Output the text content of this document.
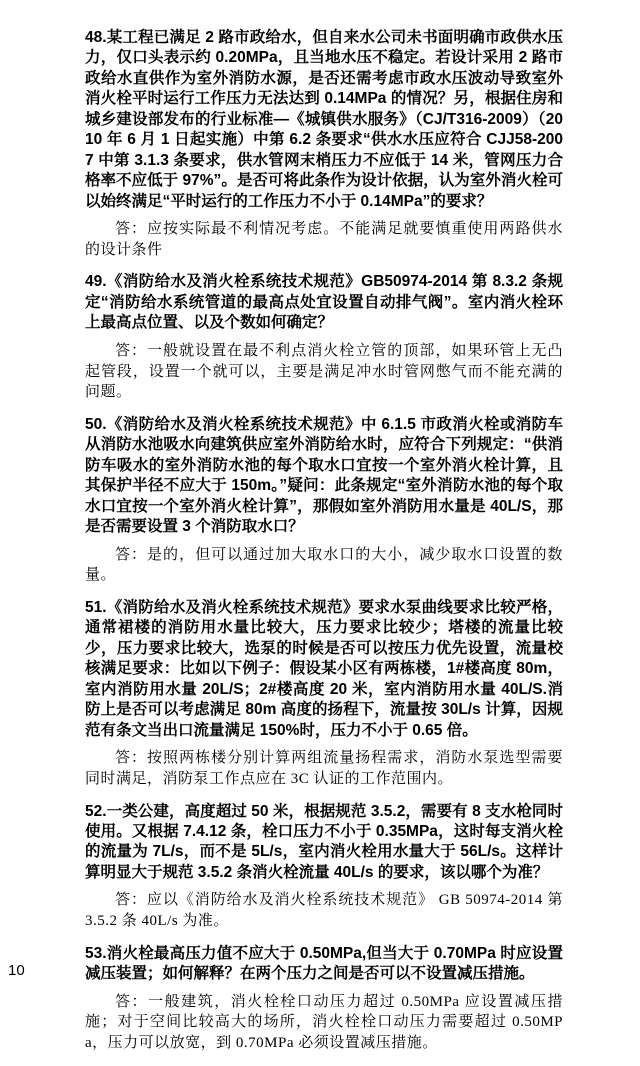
48.某工程已满足 2 路市政给水，但自来水公司未书面明确市政供水压力，仅口头表示约 0.20MPa，且当地水压不稳定。若设计采用 2 路市政给水直供作为室外消防水源，是否还需考虑市政水压波动导致室外消火栓平时运行工作压力无法达到 0.14MPa 的情况？另，根据住房和城乡建设部发布的行业标准—《城镇供水服务》（CJ/T316-2009）（2010 年 6 月 1 日起实施）中第 6.2 条要求“供水水压应符合 CJJ58-2007 中第 3.1.3 条要求，供水管网末梢压力不应低于 14 米，管网压力合格率不应低于 97%”。是否可将此条作为设计依据，认为室外消火栓可以始终满足“平时运行的工作压力不小于 0.14MPa”的要求？

答：应按实际最不利情况考虑。不能满足就要慎重使用两路供水的设计条件

49.《消防给水及消火栓系统技术规范》GB50974-2014 第 8.3.2 条规定“消防给水系统管道的最高点处宜设置自动排气阀”。室内消火栓环上最高点位置、以及个数如何确定？

答：一般就设置在最不利点消火栓立管的顶部，如果环管上无凸起管段，设置一个就可以，主要是满足冲水时管网憋气而不能充满的问题。

50.《消防给水及消火栓系统技术规范》中 6.1.5 市政消火栓或消防车从消防水池吸水向建筑供应室外消防给水时，应符合下列规定：“供消防车吸水的室外消防水池的每个取水口宜按一个室外消火栓计算，且其保护半径不应大于 150m。”疑问：此条规定“室外消防水池的每个取水口宜按一个室外消火栓计算”，那假如室外消防用水量是 40L/S，那是否需要设置 3 个消防取水口？

答：是的，但可以通过加大取水口的大小，减少取水口设置的数量。

51.《消防给水及消火栓系统技术规范》要求水泵曲线要求比较严格，通常裙楼的消防用水量比较大，压力要求比较少；塔楼的流量比较少，压力要求比较大，选泵的时候是否可以按压力优先设置，流量校核满足要求：比如以下例子：假设某小区有两栋楼，1#楼高度 80m，室内消防用水量 20L/S；2#楼高度 20 米，室内消防用水量 40L/S.消防上是否可以考虑满足 80m 高度的扬程下，流量按 30L/s 计算，因规范有条文当出口流量满足 150%时，压力不小于 0.65 倍。

答：按照两栋楼分别计算两组流量扬程需求，消防水泵选型需要同时满足，消防泵工作点应在 3C 认证的工作范围内。

52.一类公建，高度超过 50 米，根据规范 3.5.2，需要有 8 支水枪同时使用。又根据 7.4.12 条，栓口压力不小于 0.35MPa，这时每支消火栓的流量为 7L/s，而不是 5L/s，室内消火栓用水量大于 56L/s。这样计算明显大于规范 3.5.2 条消火栓流量 40L/s 的要求，该以哪个为准？

答：应以《消防给水及消火栓系统技术规范》 GB 50974-2014 第 3.5.2 条 40L/s 为准。

53.消火栓最高压力值不应大于 0.50MPa,但当大于 0.70MPa 时应设置减压装置；如何解释？在两个压力之间是否可以不设置减压措施。

答：一般建筑，消火栓栓口动压力超过 0.50MPa 应设置减压措施；对于空间比较高大的场所，消火栓栓口动压力需要超过 0.50MPa，压力可以放宽，到 0.70MPa 必须设置减压措施。

10
